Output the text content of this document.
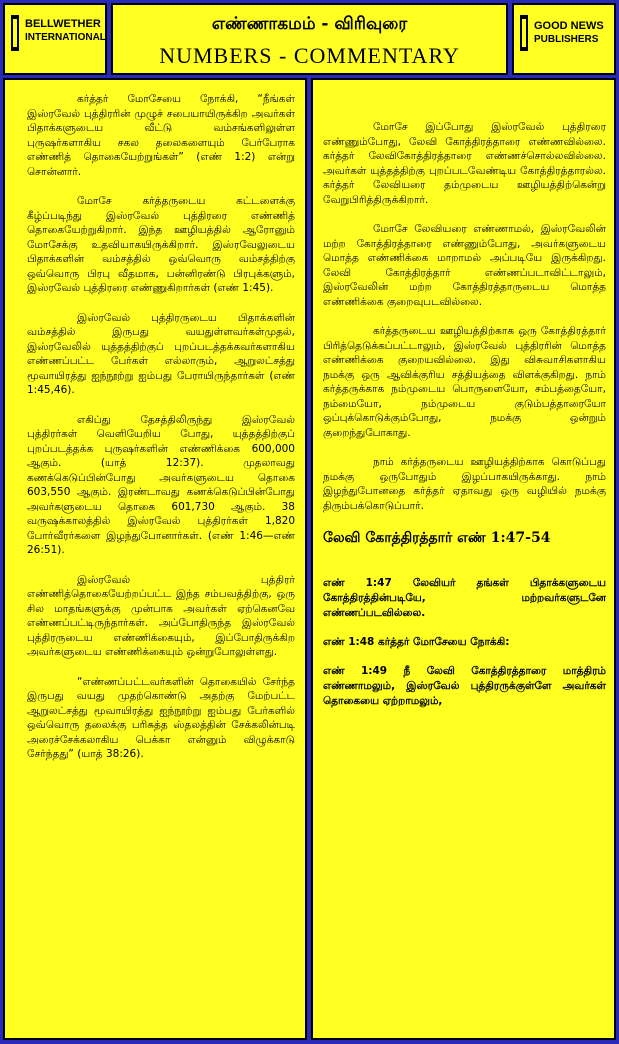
BELLWETHER
INTERNATIONAL
எண்ணாகமம் - விரிவுரை
NUMBERS - COMMENTARY
GOOD NEWS
PUBLISHERS

கர்த்தர் மோசேயை நோக்கி, “நீங்கள் இஸ்ரவேல் புத்திரரின் முழுச் சபையாயிருக்கிற அவர்கள் பிதாக்களுடைய வீட்டு வம்சங்களிலுள்ள புருஷர்களாகிய சகல தலைகளையும் பேர்பேராக எண்ணித் தொகையேற்றுங்கள்” (எண் 1:2) என்று சொன்னார்.

மோசே கர்த்தருடைய கட்டளைக்கு கீழ்ப்படிந்து இஸ்ரவேல் புத்திரரை எண்ணித் தொகையேற்றுகிறார். இந்த ஊழியத்தில் ஆரோனும் மோசேக்கு உதவியாகயிருக்கிறார். இஸ்ரவேலுடைய பிதாக்களின் வம்சத்தில் ஒவ்வொரு வம்சத்திற்கு ஒவ்வொரு பிரபு வீதமாக, பன்னிரண்டு பிரபுக்களும், இஸ்ரவேல் புத்திரரை எண்ணுகிறார்கள் (எண் 1:45).

இஸ்ரவேல் புத்திரருடைய பிதாக்களின் வம்சத்தில் இருபது வயதுள்ளவர்கள்முதல், இஸ்ரவேலில் யுத்தத்திற்குப் புறப்படத்தக்கவர்களாகிய எண்ணப்பட்ட பேர்கள் எல்லாரும், ஆறுலட்சத்து மூவாயிரத்து ஐந்நூற்று ஐம்பது பேராயிருந்தார்கள் (எண் 1:45,46).

எகிப்து தேசத்திலிருந்து இஸ்ரவேல் புத்திரர்கள் வெளியேறிய போது, யுத்தத்திற்குப் புறப்படத்தக்க புருஷர்களின் எண்ணிக்கை 600,000 ஆகும். (யாத் 12:37). முதலாவது கணக்கெடுப்பின்போது அவர்களுடைய தொகை 603,550 ஆகும். இரண்டாவது கணக்கெடுப்பின்போது அவர்களுடைய தொகை 601,730 ஆகும். 38 வருஷக்காலத்தில் இஸ்ரவேல் புத்திரர்கள் 1,820 போர்வீரர்களை இழந்துபோனார்கள். (எண் 1:46—எண் 26:51).

இஸ்ரவேல் புத்திரர் எண்ணித்தொகையேற்றப்பட்ட இந்த சம்பவத்திற்கு, ஒரு சில மாதங்களுக்கு முன்பாக அவர்கள் ஏற்கெனவே எண்ணப்பட்டிருந்தார்கள். அப்போதிருந்த இஸ்ரவேல் புத்திரருடைய எண்ணிக்கையும், இப்போதிருக்கிற அவர்களுடைய எண்ணிக்கையும் ஒன்றுபோலுள்ளது.

“எண்ணப்பட்டவர்களின் தொகையில் சேர்ந்த இருபது வயது முதற்கொண்டு அதற்கு மேற்பட்ட ஆறுலட்சத்து மூவாயிரத்து ஐந்நூற்று ஐம்பது பேர்களில் ஒவ்வொரு தலைக்கு பரிசுத்த ஸ்தலத்தின் சேக்கலின்படி அரைச்சேக்கலாகிய பெக்கா என்னும் விழுக்காடு சேர்ந்தது” (யாத் 38:26).

மோசே இப்போது இஸ்ரவேல் புத்திரரை எண்ணும்போது, லேவி கோத்திரத்தாரை எண்ணவில்லை. கர்த்தர் லேவிகோத்திரத்தாரை எண்ணச்சொல்லவில்லை. அவர்கள் யுத்தத்திற்கு புறப்படவேண்டிய கோத்திரத்தாரல்ல. கர்த்தர் லேவியரை தம்முடைய ஊழியத்திற்கென்று வேறுபிரித்திருக்கிறார்.

மோசே லேவியரை எண்ணாமல், இஸ்ரவேலின் மற்ற கோத்திரத்தாரை எண்ணும்போது, அவர்களுடைய மொத்த எண்ணிக்கை மாறாமல் அப்படியே இருக்கிறது. லேவி கோத்திரத்தார் எண்ணப்படாவிட்டாலும், இஸ்ரவேலின் மற்ற கோத்திரத்தாருடைய மொத்த எண்ணிக்கை குறைவுபடவில்லை.

கர்த்தருடைய ஊழியத்திற்காக ஒரு கோத்திரத்தார் பிரித்தெடுக்கப்பட்டாலும், இஸ்ரவேல் புத்திரரின் மொத்த எண்ணிக்கை குறையவில்லை. இது விசுவாசிகளாகிய நமக்கு ஒரு ஆவிக்குரிய சத்தியத்தை விளக்குகிறது. நாம் கர்த்தருக்காக நம்முடைய பொருளையோ, சம்பத்தையோ, நம்மையோ, நம்முடைய குடும்பத்தாரையோ ஒப்புக்கொடுக்கும்போது, நமக்கு ஒன்றும் குறைந்துபோகாது.

நாம் கர்த்தருடைய ஊழியத்திற்காக கொடுப்பது நமக்கு ஒருபோதும் இழப்பாகயிருக்காது. நாம் இழந்துபோனதை கர்த்தர் ஏதாவது ஒரு வழியில் நமக்கு திரும்பக்கொடுப்பார்.

லேவி கோத்திரத்தார் எண் 1:47-54

எண் 1:47 லேவியர் தங்கள் பிதாக்களுடைய கோத்திரத்தின்படியே, மற்றவர்களுடனே எண்ணப்படவில்லை.

எண் 1:48 கர்த்தர் மோசேயை நோக்கி:

எண் 1:49 நீ லேவி கோத்திரத்தாரை மாத்திரம் எண்ணாமலும், இஸ்ரவேல் புத்திரருக்குள்ளே அவர்கள் தொகையை ஏற்றாமலும்,
